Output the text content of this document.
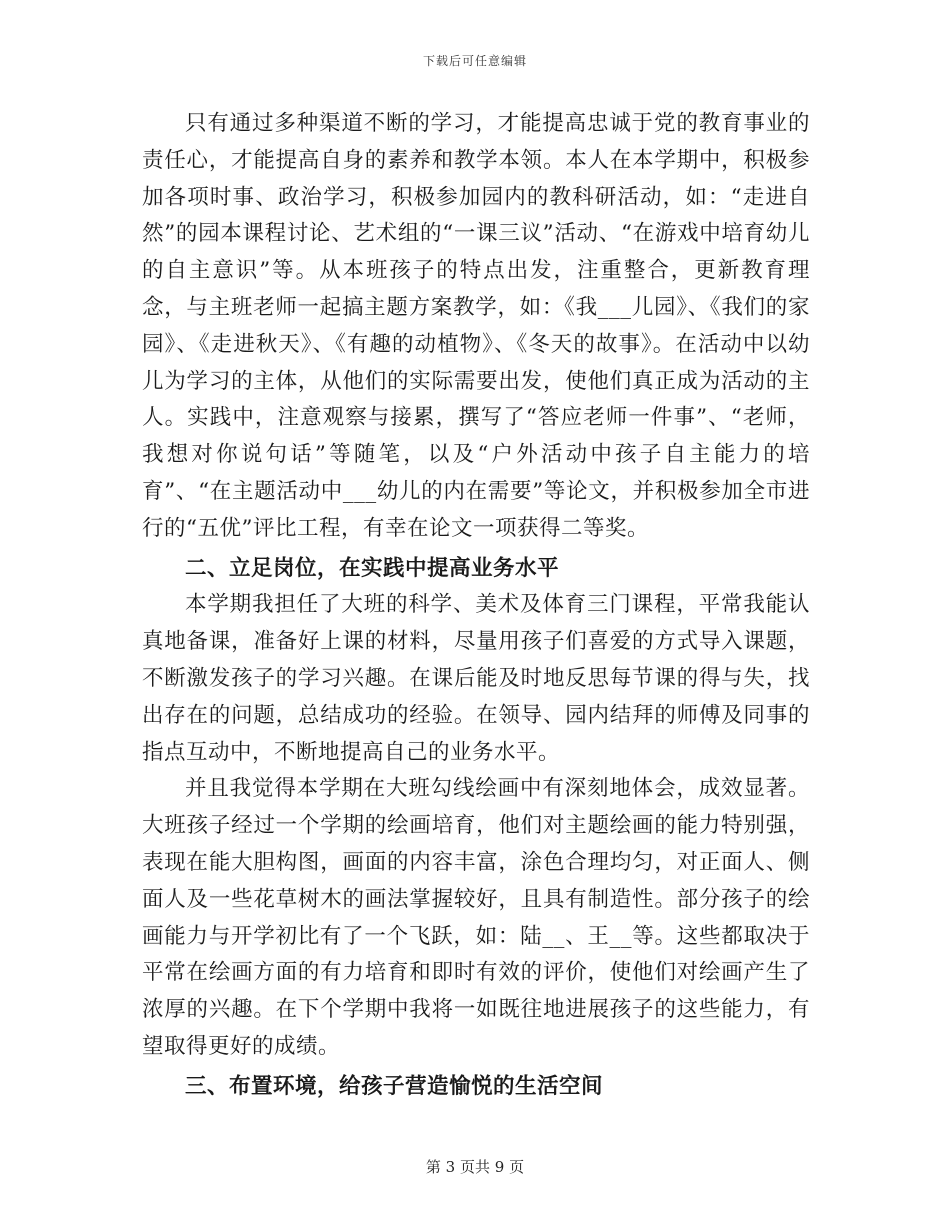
下载后可任意编辑

只有通过多种渠道不断的学习，才能提高忠诚于党的教育事业的责任心，才能提高自身的素养和教学本领。本人在本学期中，积极参加各项时事、政治学习，积极参加园内的教科研活动，如：“走进自然”的园本课程讨论、艺术组的“一课三议”活动、“在游戏中培育幼儿的自主意识”等。从本班孩子的特点出发，注重整合，更新教育理念，与主班老师一起搞主题方案教学，如：《我___儿园》、《我们的家园》、《走进秋天》、《有趣的动植物》、《冬天的故事》。在活动中以幼儿为学习的主体，从他们的实际需要出发，使他们真正成为活动的主人。实践中，注意观察与接累，撰写了“答应老师一件事”、“老师，我想对你说句话”等随笔，以及“户外活动中孩子自主能力的培育”、“在主题活动中___幼儿的内在需要”等论文，并积极参加全市进行的“五优”评比工程，有幸在论文一项获得二等奖。

二、立足岗位，在实践中提高业务水平

本学期我担任了大班的科学、美术及体育三门课程，平常我能认真地备课，准备好上课的材料，尽量用孩子们喜爱的方式导入课题，不断激发孩子的学习兴趣。在课后能及时地反思每节课的得与失，找出存在的问题，总结成功的经验。在领导、园内结拜的师傅及同事的指点互动中，不断地提高自己的业务水平。

并且我觉得本学期在大班勾线绘画中有深刻地体会，成效显著。大班孩子经过一个学期的绘画培育，他们对主题绘画的能力特别强，表现在能大胆构图，画面的内容丰富，涂色合理均匀，对正面人、侧面人及一些花草树木的画法掌握较好，且具有制造性。部分孩子的绘画能力与开学初比有了一个飞跃，如：陆__、王__等。这些都取决于平常在绘画方面的有力培育和即时有效的评价，使他们对绘画产生了浓厚的兴趣。在下个学期中我将一如既往地进展孩子的这些能力，有望取得更好的成绩。

三、布置环境，给孩子营造愉悦的生活空间

第 3 页共 9 页
